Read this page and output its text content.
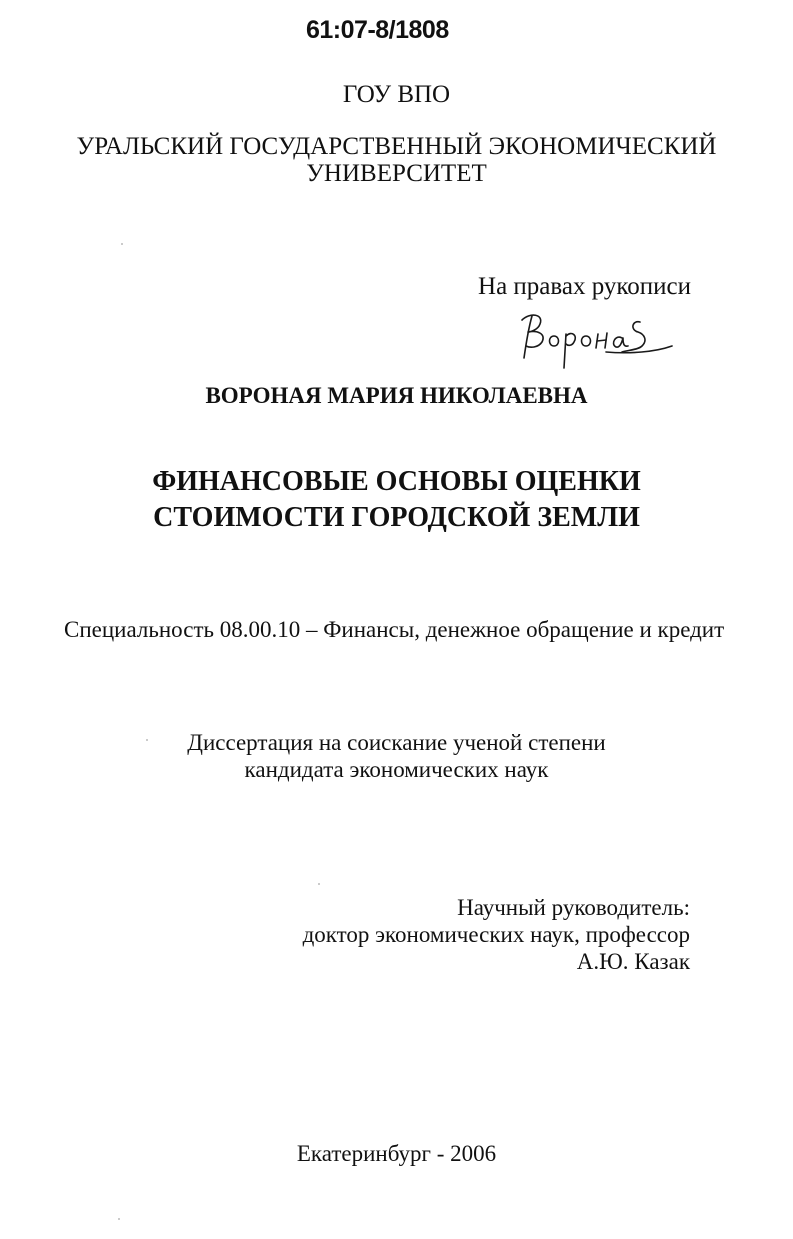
61:07-8/1808
ГОУ ВПО
УРАЛЬСКИЙ ГОСУДАРСТВЕННЫЙ ЭКОНОМИЧЕСКИЙ
УНИВЕРСИТЕТ
На правах рукописи
ВОРОНАЯ МАРИЯ НИКОЛАЕВНА
ФИНАНСОВЫЕ ОСНОВЫ ОЦЕНКИ
СТОИМОСТИ ГОРОДСКОЙ ЗЕМЛИ
Специальность 08.00.10 – Финансы, денежное обращение и кредит
Диссертация на соискание ученой степени
кандидата экономических наук
Научный руководитель:
доктор экономических наук, профессор
А.Ю. Казак
Екатеринбург - 2006
